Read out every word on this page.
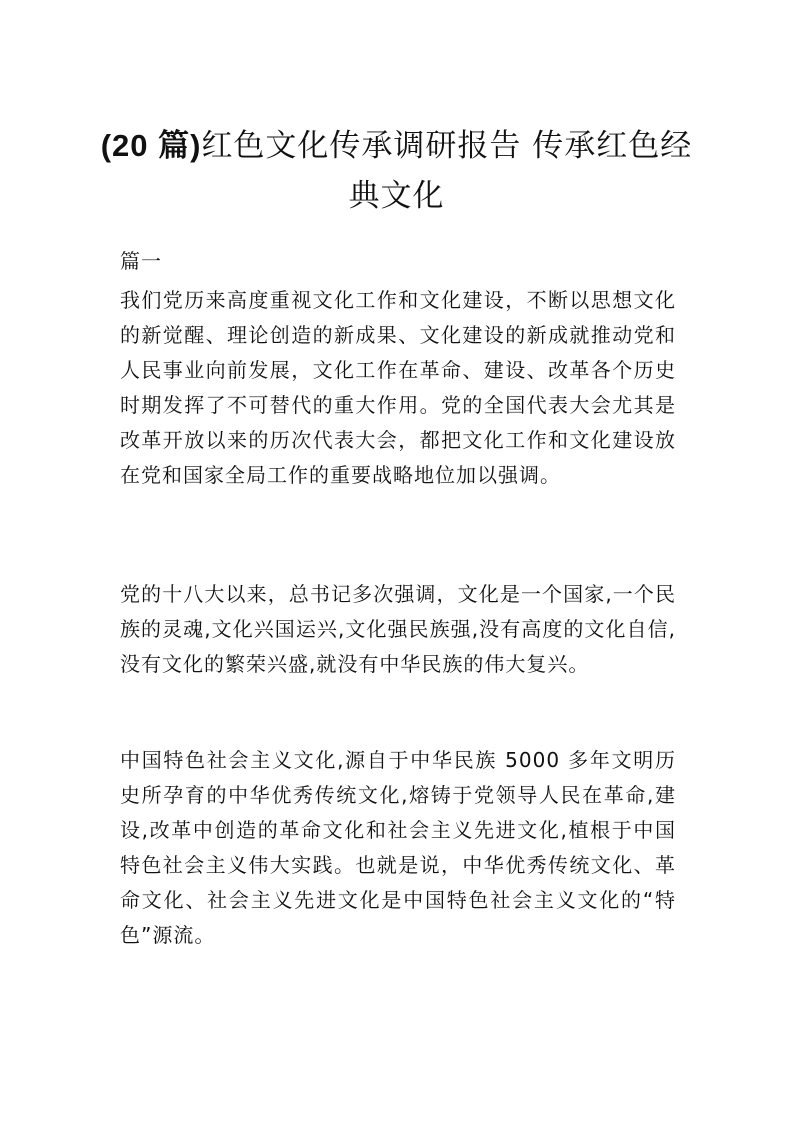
(20 篇)红色文化传承调研报告 传承红色经典文化

篇一

我们党历来高度重视文化工作和文化建设，不断以思想文化的新觉醒、理论创造的新成果、文化建设的新成就推动党和人民事业向前发展，文化工作在革命、建设、改革各个历史时期发挥了不可替代的重大作用。党的全国代表大会尤其是改革开放以来的历次代表大会，都把文化工作和文化建设放在党和国家全局工作的重要战略地位加以强调。

党的十八大以来，总书记多次强调，文化是一个国家,一个民族的灵魂,文化兴国运兴,文化强民族强,没有高度的文化自信,没有文化的繁荣兴盛,就没有中华民族的伟大复兴。

中国特色社会主义文化,源自于中华民族 5000 多年文明历史所孕育的中华优秀传统文化,熔铸于党领导人民在革命,建设,改革中创造的革命文化和社会主义先进文化,植根于中国特色社会主义伟大实践。也就是说，中华优秀传统文化、革命文化、社会主义先进文化是中国特色社会主义文化的“特色”源流。
